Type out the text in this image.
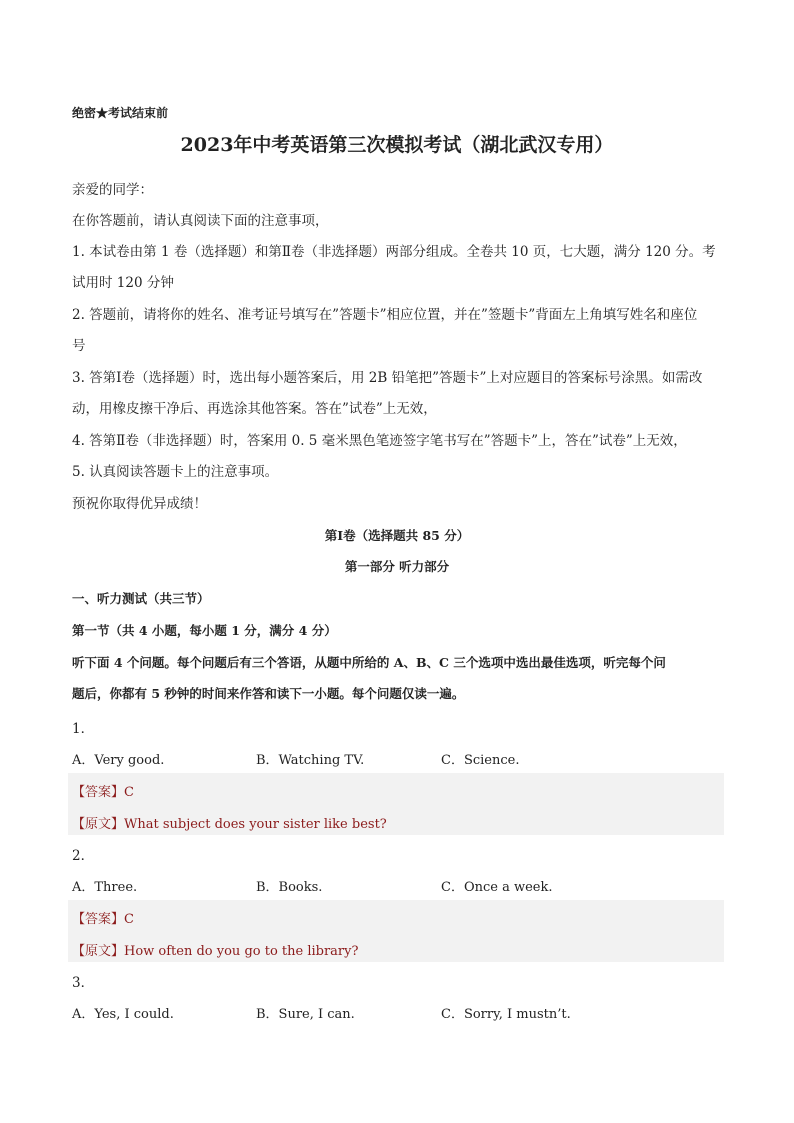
绝密★考试结束前
2023年中考英语第三次模拟考试（湖北武汉专用）
亲爱的同学：
在你答题前，请认真阅读下面的注意事项，
1. 本试卷由第 1 卷（选择题）和第Ⅱ卷（非选择题）两部分组成。全卷共 10 页，七大题，满分 120 分。考
试用时 120 分钟
2. 答题前，请将你的姓名、准考证号填写在”答题卡”相应位置，并在”签题卡”背面左上角填写姓名和座位
号
3. 答第Ⅰ卷（选择题）时，选出每小题答案后，用 2B 铅笔把”答题卡”上对应题目的答案标号涂黑。如需改
动，用橡皮擦干净后、再选涂其他答案。答在”试卷”上无效，
4. 答第Ⅱ卷（非选择题）时，答案用 0. 5 毫米黑色笔迹签字笔书写在”答题卡”上，答在”试卷”上无效，
5. 认真阅读答题卡上的注意事项。
预祝你取得优异成绩！
第Ⅰ卷（选择题共 85 分）
第一部分 听力部分
一、听力测试（共三节）
第一节（共 4 小题，每小题 1 分，满分 4 分）
听下面 4 个问题。每个问题后有三个答语，从题中所给的 A、B、C 三个选项中选出最佳选项，听完每个问
题后，你都有 5 秒钟的时间来作答和读下一小题。每个问题仅读一遍。
1．
A．Very good.	B．Watching TV.	C．Science.
【答案】C
【原文】What subject does your sister like best?
2．
A．Three.	B．Books.	C．Once a week.
【答案】C
【原文】How often do you go to the library?
3．
A．Yes, I could.	B．Sure, I can.	C．Sorry, I mustn’t.
